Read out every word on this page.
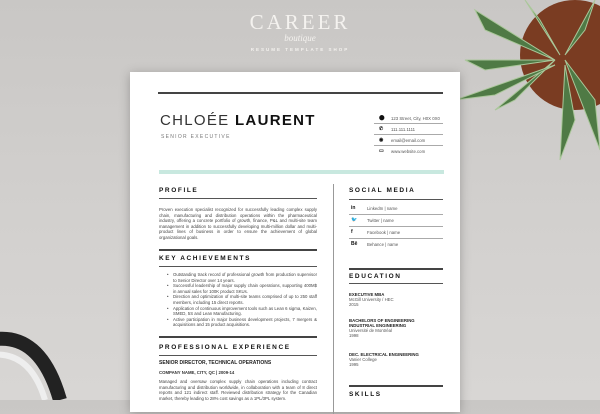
CAREER
boutique
RESUME TEMPLATE SHOP
CHLOÉE LAURENT
SENIOR EXECUTIVE
PROFILE
Proven execution specialist recognized for successfully leading complex supply chain, manufacturing and distribution operations within the pharmaceutical industry, offering a concrete portfolio of growth, finance, P&L and multi-site team management in addition to successfully developing multi-million dollar and multi-product lines of business in order to ensure the achievement of global organizational goals.
KEY ACHIEVEMENTS
• Outstanding track record of professional growth from production supervisor to Senior Director over 14 years.
• Successful leadership of major supply chain operations, supporting 400M$ in annual sales for 100K product SKUs.
• Direction and optimization of multi-site teams comprised of up to 250 staff members, including 15 direct reports.
• Application of continuous improvement tools such as Lean 6 sigma, Kaizen, SMED, 5S and Lean Manufacturing.
• Active participation in major business development projects, 7 mergers & acquisitions and 15 product acquisitions.
PROFESSIONAL EXPERIENCE
SENIOR DIRECTOR, TECHNICAL OPERATIONS
COMPANY NAME, CITY, QC | 2009-14
Managed and oversaw complex supply chain operations including contract manufacturing and distribution worldwide, in collaboration with a team of 8 direct reports and 121 indirect staff. Reviewed distribution strategy for the Canadian market, thereby leading to 28% cost savings as a 1PL/3PL system.
SOCIAL MEDIA
EDUCATION
SKILLS
⬤ 123 Street, City, H0X 0X0
✆ 111.111.1111
◉ email@email.com
▭ www.website.com
in	LinkedIn | name
🐦 Twitter | name
f	Facebook | name
Bē Behance | name
EXECUTIVE MBA
McGill University / HEC
2015
BACHELORS OF ENGINEERING INDUSTRIAL ENGINEERING
Université de Montréal
1998
DEC. ELECTRICAL ENGINEERING
Vanier College
1995
